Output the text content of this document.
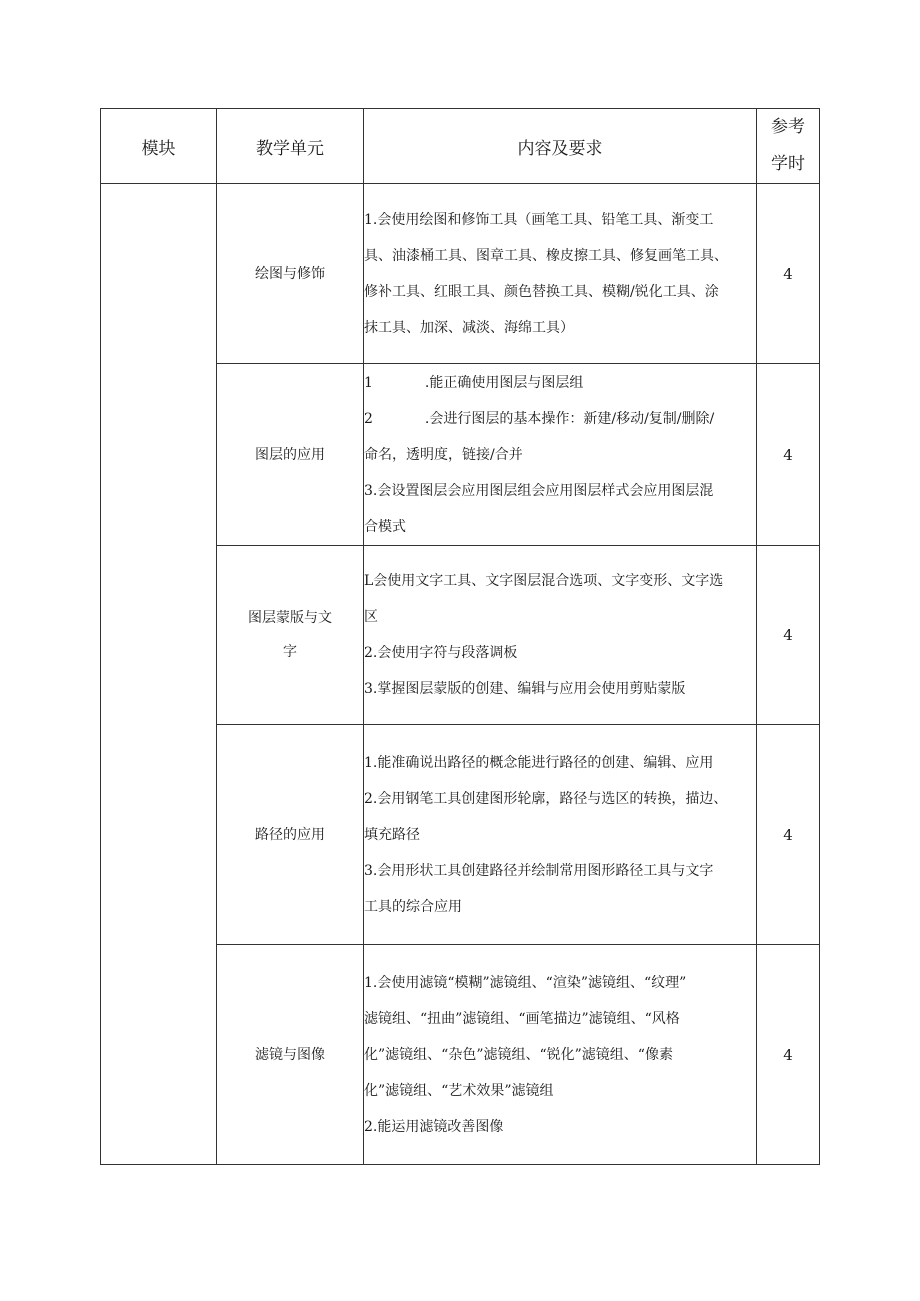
模块	教学单元	内容及要求	参考
学时

	绘图与修饰	1.会使用绘图和修饰工具（画笔工具、铅笔工具、渐变工
具、油漆桶工具、图章工具、橡皮擦工具、修复画笔工具、
修补工具、红眼工具、颜色替换工具、模糊/锐化工具、涂
抹工具、加深、减淡、海绵工具）	4
	图层的应用	1 .能正确使用图层与图层组
2 .会进行图层的基本操作：新建/移动/复制/删除/
命名，透明度，链接/合并
3.会设置图层会应用图层组会应用图层样式会应用图层混
合模式	4
	图层蒙版与文
字	L会使用文字工具、文字图层混合选项、文字变形、文字选
区
2.会使用字符与段落调板
3.掌握图层蒙版的创建、编辑与应用会使用剪贴蒙版	4
	路径的应用	1.能准确说出路径的概念能进行路径的创建、编辑、应用
2.会用钢笔工具创建图形轮廓，路径与选区的转换，描边、
填充路径
3.会用形状工具创建路径并绘制常用图形路径工具与文字
工具的综合应用	4
	滤镜与图像	1.会使用滤镜“模糊”滤镜组、“渲染”滤镜组、“纹理”
滤镜组、“扭曲”滤镜组、“画笔描边”滤镜组、“风格
化”滤镜组、“杂色”滤镜组、“锐化”滤镜组、“像素
化”滤镜组、“艺术效果”滤镜组
2.能运用滤镜改善图像	4
